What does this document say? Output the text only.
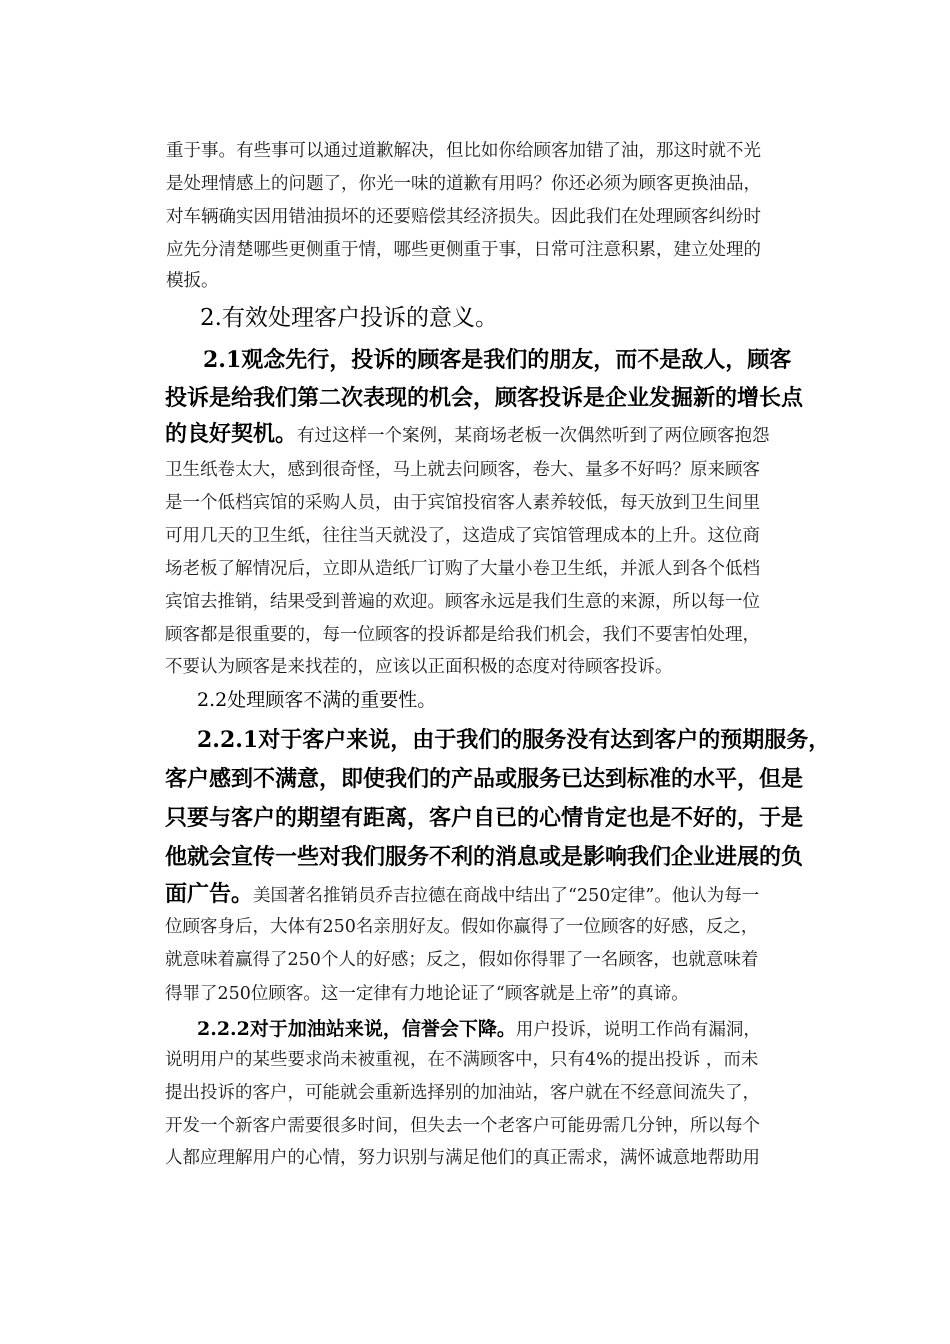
重于事。有些事可以通过道歉解决，但比如你给顾客加错了油，那这时就不光
是处理情感上的问题了，你光一味的道歉有用吗？你还必须为顾客更换油品，
对车辆确实因用错油损坏的还要赔偿其经济损失。因此我们在处理顾客纠纷时
应先分清楚哪些更侧重于情，哪些更侧重于事，日常可注意积累，建立处理的
模扳。
2.有效处理客户投诉的意义。
2.1观念先行，投诉的顾客是我们的朋友，而不是敌人，顾客
投诉是给我们第二次表现的机会，顾客投诉是企业发掘新的增长点
的良好契机。有过这样一个案例，某商场老板一次偶然听到了两位顾客抱怨
卫生纸卷太大，感到很奇怪，马上就去问顾客，卷大、量多不好吗？原来顾客
是一个低档宾馆的采购人员，由于宾馆投宿客人素养较低，每天放到卫生间里
可用几天的卫生纸，往往当天就没了，这造成了宾馆管理成本的上升。这位商
场老板了解情况后，立即从造纸厂订购了大量小卷卫生纸，并派人到各个低档
宾馆去推销，结果受到普遍的欢迎。顾客永远是我们生意的来源，所以每一位
顾客都是很重要的，每一位顾客的投诉都是给我们机会，我们不要害怕处理，
不要认为顾客是来找茬的，应该以正面积极的态度对待顾客投诉。
2.2处理顾客不满的重要性。
2.2.1对于客户来说，由于我们的服务没有达到客户的预期服务，
客户感到不满意，即使我们的产品或服务已达到标准的水平，但是
只要与客户的期望有距离，客户自已的心情肯定也是不好的，于是
他就会宣传一些对我们服务不利的消息或是影响我们企业进展的负
面广告。美国著名推销员乔吉拉德在商战中结出了“250定律”。他认为每一
位顾客身后，大体有250名亲朋好友。假如你赢得了一位顾客的好感，反之，
就意味着赢得了250个人的好感；反之，假如你得罪了一名顾客，也就意味着
得罪了250位顾客。这一定律有力地论证了“顾客就是上帝”的真谛。
2.2.2对于加油站来说，信誉会下降。用户投诉，说明工作尚有漏洞，
说明用户的某些要求尚未被重视，在不满顾客中，只有4%的提出投诉 ，而未
提出投诉的客户，可能就会重新选择别的加油站，客户就在不经意间流失了，
开发一个新客户需要很多时间，但失去一个老客户可能毋需几分钟，所以每个
人都应理解用户的心情，努力识别与满足他们的真正需求，满怀诚意地帮助用
